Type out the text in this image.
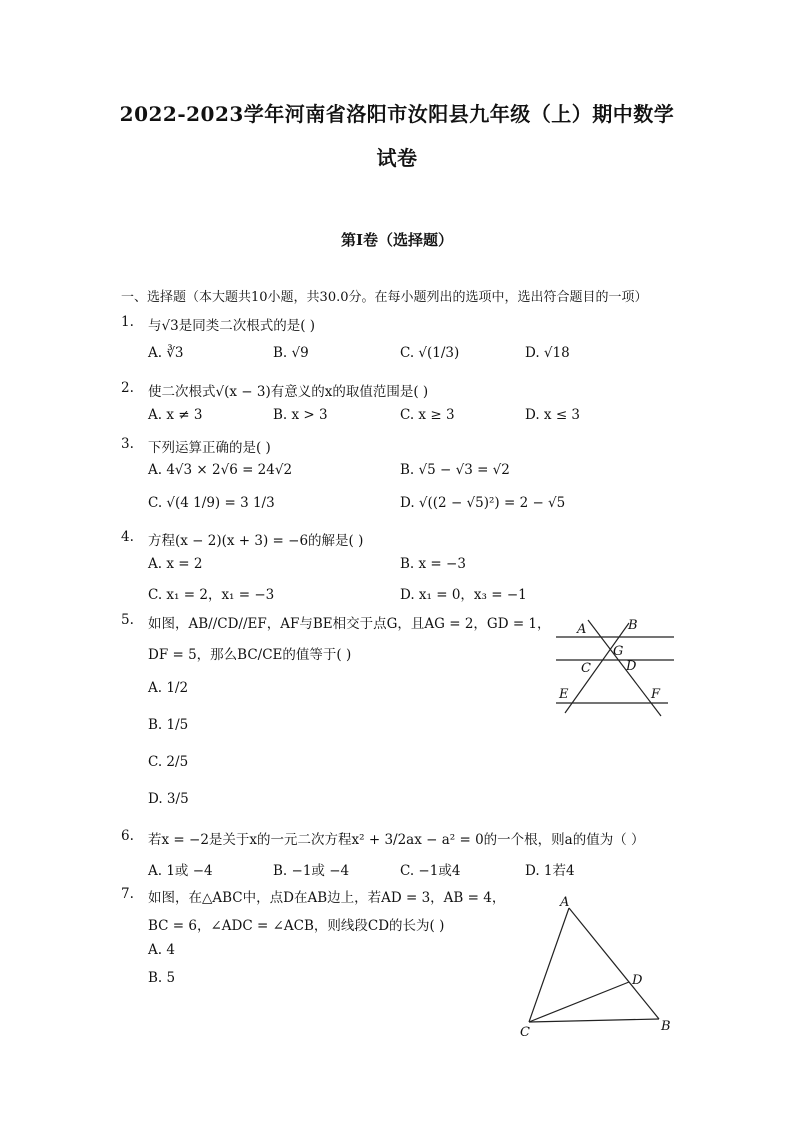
2022-2023学年河南省洛阳市汝阳县九年级（上）期中数学
试卷
第I卷（选择题）
一、选择题（本大题共10小题，共30.0分。在每小题列出的选项中，选出符合题目的一项）
1. 与√3是同类二次根式的是( )
A. ∛3	B. √9	C. √(1/3)	D. √18
2. 使二次根式√(x − 3)有意义的x的取值范围是( )
A. x ≠ 3	B. x > 3	C. x ≥ 3	D. x ≤ 3
3. 下列运算正确的是( )
A. 4√3 × 2√6 = 24√2	B. √5 − √3 = √2
C. √(4 1/9) = 3 1/3	D. √((2 − √5)²) = 2 − √5
4. 方程(x − 2)(x + 3) = −6的解是( )
A. x = 2	B. x = −3
C. x₁ = 2，x₁ = −3	D. x₁ = 0，x₃ = −1
5. 如图，AB//CD//EF，AF与BE相交于点G，且AG = 2，GD = 1，
DF = 5，那么BC/CE的值等于( )
A. 1/2
B. 1/5
C. 2/5
D. 3/5
A	B
G
C	D
E	F
6. 若x = −2是关于x的一元二次方程x² + 3/2ax − a² = 0的一个根，则a的值为（ ）
A. 1或 −4	B. −1或 −4	C. −1或4	D. 1若4
7. 如图，在△ABC中，点D在AB边上，若AD = 3，AB = 4，
BC = 6，∠ADC = ∠ACB，则线段CD的长为( )
A. 4
B. 5
A
D
C	B
